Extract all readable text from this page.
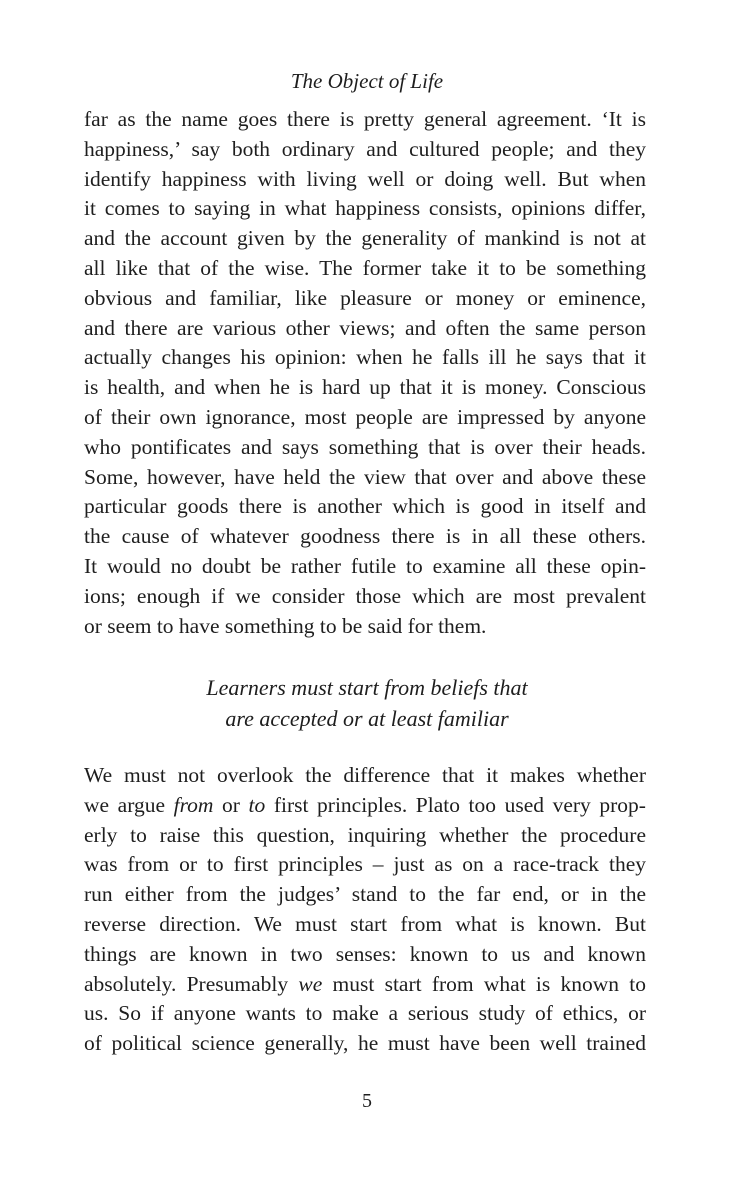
The Object of Life
far as the name goes there is pretty general agreement. ‘It is
happiness,’ say both ordinary and cultured people; and they
identify happiness with living well or doing well. But when
it comes to saying in what happiness consists, opinions differ,
and the account given by the generality of mankind is not at
all like that of the wise. The former take it to be something
obvious and familiar, like pleasure or money or eminence,
and there are various other views; and often the same person
actually changes his opinion: when he falls ill he says that it
is health, and when he is hard up that it is money. Conscious
of their own ignorance, most people are impressed by anyone
who pontificates and says something that is over their heads.
Some, however, have held the view that over and above these
particular goods there is another which is good in itself and
the cause of whatever goodness there is in all these others.
It would no doubt be rather futile to examine all these opin-
ions; enough if we consider those which are most prevalent
or seem to have something to be said for them.
Learners must start from beliefs that
are accepted or at least familiar
We must not overlook the difference that it makes whether
we argue from or to first principles. Plato too used very prop-
erly to raise this question, inquiring whether the procedure
was from or to first principles – just as on a race-track they
run either from the judges’ stand to the far end, or in the
reverse direction. We must start from what is known. But
things are known in two senses: known to us and known
absolutely. Presumably we must start from what is known to
us. So if anyone wants to make a serious study of ethics, or
of political science generally, he must have been well trained
5
